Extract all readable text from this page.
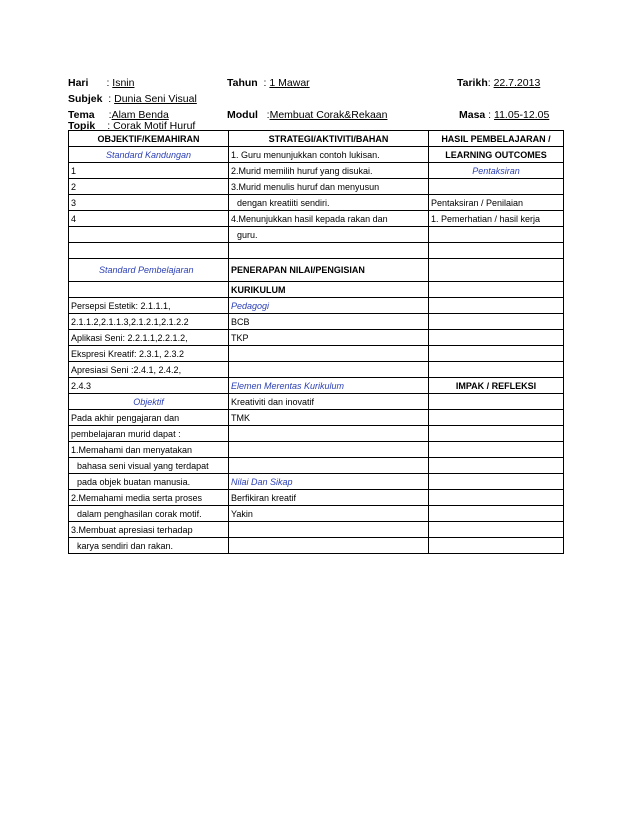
Hari : Isnin	Tahun  : 1 Mawar	Tarikh: 22.7.2013
Subjek  : Dunia Seni Visual
Tema :Alam Benda	Modul   :Membuat Corak&Rekaan	Masa : 11.05-12.05
Topik : Corak Motif Huruf
OBJEKTIF/KEMAHIRAN	STRATEGI/AKTIVITI/BAHAN	HASIL PEMBELAJARAN /
Standard Kandungan	1. Guru menunjukkan contoh lukisan.	LEARNING OUTCOMES
1	2.Murid memilih huruf yang disukai.	Pentaksiran
2	3.Murid menulis huruf dan menyusun	
3	dengan kreatiiti sendiri.	Pentaksiran / Penilaian
4	4.Menunjukkan hasil kepada rakan dan	1. Pemerhatian / hasil kerja
	guru.	

Standard Pembelajaran	PENERAPAN NILAI/PENGISIAN	
	KURIKULUM	
Persepsi Estetik: 2.1.1.1,	Pedagogi	
2.1.1.2,2.1.1.3,2.1.2.1,2.1.2.2	BCB	
Aplikasi Seni: 2.2.1.1,2.2.1.2,	TKP	
Ekspresi Kreatif: 2.3.1, 2.3.2		
Apresiasi Seni :2.4.1, 2.4.2,		
2.4.3	Elemen Merentas Kurikulum	IMPAK / REFLEKSI
Objektif	Kreativiti dan inovatif	
Pada akhir pengajaran dan	TMK	
pembelajaran murid dapat :		
1.Memahami dan menyatakan		
bahasa seni visual yang terdapat		
pada objek buatan manusia.	Nilai Dan Sikap	
2.Memahami media serta proses	Berfikiran kreatif	
dalam penghasilan corak motif.	Yakin	
3.Membuat apresiasi terhadap		
karya sendiri dan rakan.		
